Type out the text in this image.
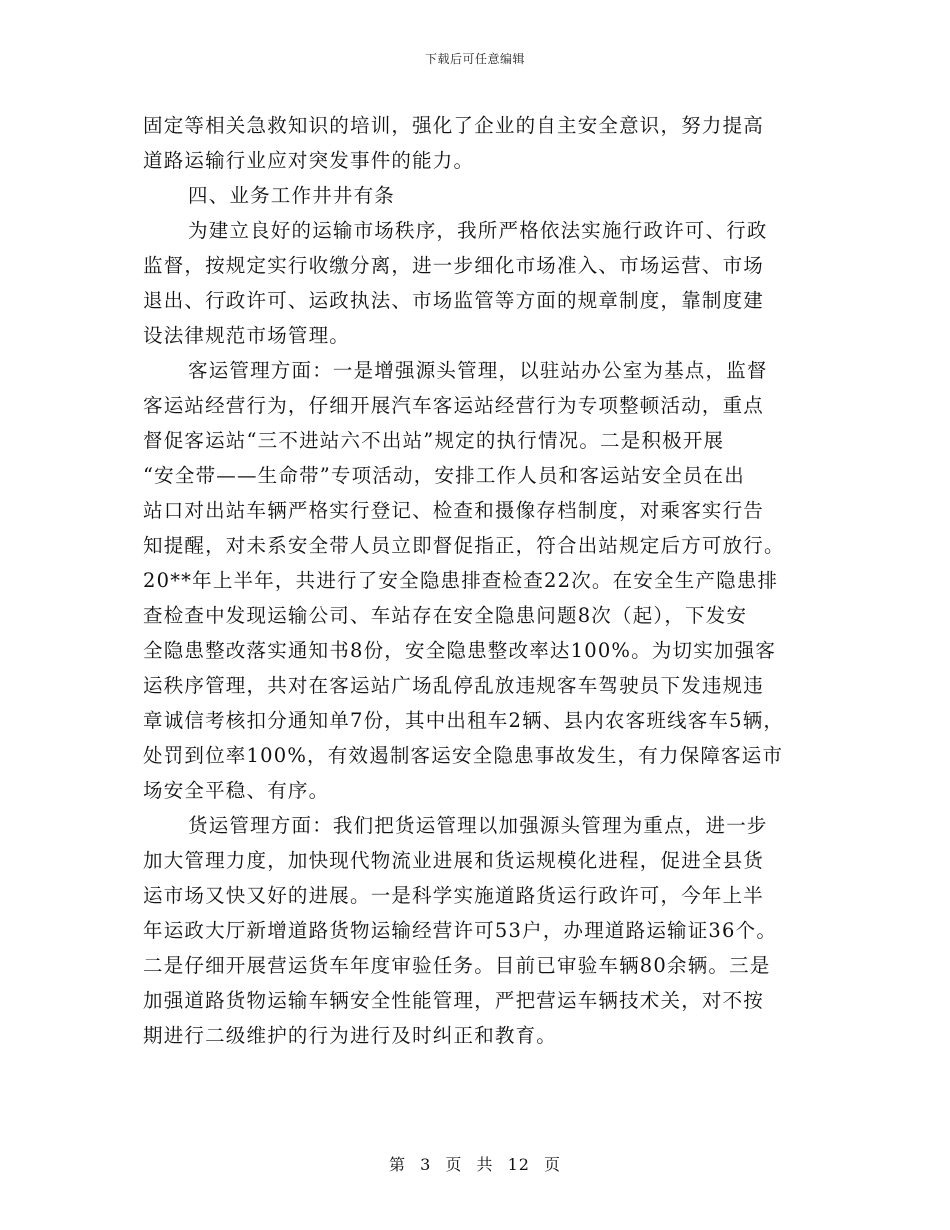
下载后可任意编辑
固定等相关急救知识的培训，强化了企业的自主安全意识，努力提高
道路运输行业应对突发事件的能力。
四、业务工作井井有条
为建立良好的运输市场秩序，我所严格依法实施行政许可、行政
监督，按规定实行收缴分离，进一步细化市场准入、市场运营、市场
退出、行政许可、运政执法、市场监管等方面的规章制度，靠制度建
设法律规范市场管理。
客运管理方面：一是增强源头管理，以驻站办公室为基点，监督
客运站经营行为，仔细开展汽车客运站经营行为专项整顿活动，重点
督促客运站“三不进站六不出站”规定的执行情况。二是积极开展
“安全带——生命带”专项活动，安排工作人员和客运站安全员在出
站口对出站车辆严格实行登记、检查和摄像存档制度，对乘客实行告
知提醒，对未系安全带人员立即督促指正，符合出站规定后方可放行。
20**年上半年，共进行了安全隐患排查检查22次。在安全生产隐患排
查检查中发现运输公司、车站存在安全隐患问题8次（起），下发安
全隐患整改落实通知书8份，安全隐患整改率达100%。为切实加强客
运秩序管理，共对在客运站广场乱停乱放违规客车驾驶员下发违规违
章诚信考核扣分通知单7份，其中出租车2辆、县内农客班线客车5辆，
处罚到位率100%，有效遏制客运安全隐患事故发生，有力保障客运市
场安全平稳、有序。
货运管理方面：我们把货运管理以加强源头管理为重点，进一步
加大管理力度，加快现代物流业进展和货运规模化进程，促进全县货
运市场又快又好的进展。一是科学实施道路货运行政许可，今年上半
年运政大厅新增道路货物运输经营许可53户，办理道路运输证36个。
二是仔细开展营运货车年度审验任务。目前已审验车辆80余辆。三是
加强道路货物运输车辆安全性能管理，严把营运车辆技术关，对不按
期进行二级维护的行为进行及时纠正和教育。
第 3 页 共 12 页
